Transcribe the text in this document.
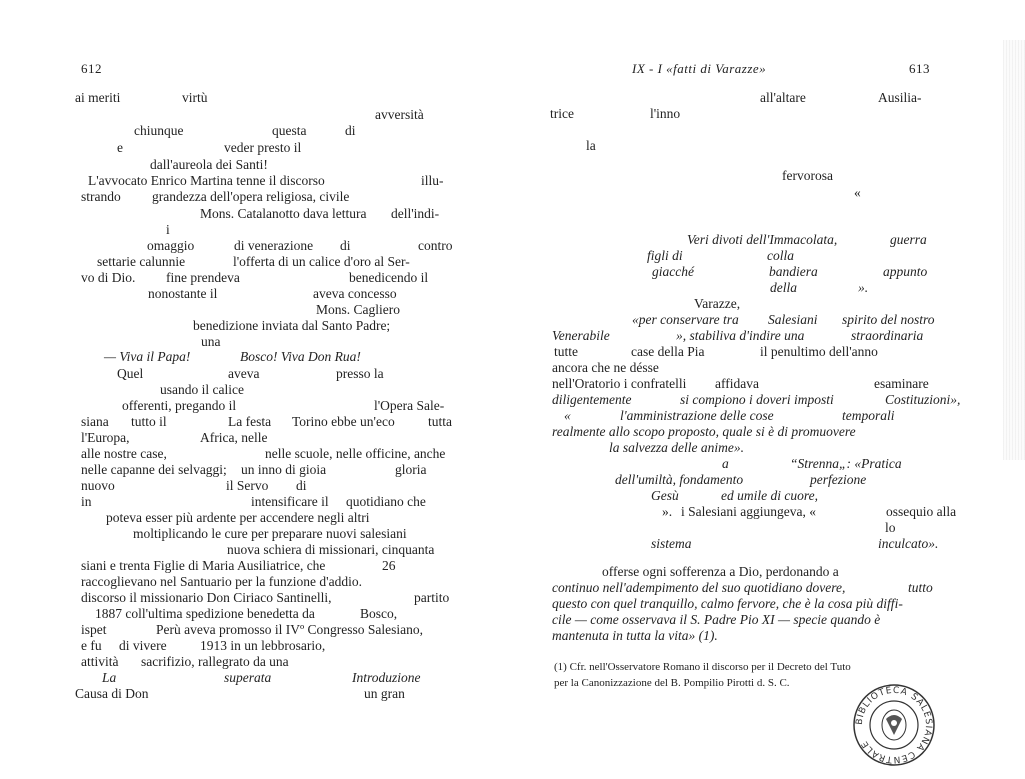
612
ai meriti	virtù
avversità
chiunque	questa	di
e	veder presto il
dall'aureola dei Santi!
L'avvocato Enrico Martina tenne il discorso	illu-
strando grandezza dell'opera religiosa, civile
Mons. Catalanotto dava lettura dell'indi-
i
omaggio	di venerazione di	contro
settarie calunnie	l'offerta di un calice d'oro al Ser-
vo di Dio. fine prendeva	benedicendo il
nonostante il	aveva concesso
Mons. Cagliero
benedizione inviata dal Santo Padre;
una
— Viva il Papa!	Bosco! Viva Don Rua!
Quel	aveva	presso la
usando il calice
offerenti, pregando il	l'Opera Sale-
siana tutto il	La festa Torino ebbe un'eco tutta
l'Europa,	Africa, nelle
alle nostre case,	nelle scuole, nelle officine, anche
nelle capanne dei selvaggi; un inno di gioia	gloria
nuovo	il Servo di
in	intensificare il quotidiano che
poteva esser più ardente per accendere negli altri
moltiplicando le cure per preparare nuovi salesiani
nuova schiera di missionari, cinquanta
siani e trenta Figlie di Maria Ausiliatrice, che	26
raccoglievano nel Santuario per la funzione d'addio.
discorso il missionario Don Ciriaco Santinelli,	partito
1887 coll'ultima spedizione benedetta da	Bosco,
ispet	Perù aveva promosso il IVº Congresso Salesiano,
e fu di vivere 1913 in un lebbrosario,
attività sacrifizio, rallegrato da una
La	superata	Introduzione
Causa di Don	un gran
IX - I «fatti di Varazze»	613
all'altare	Ausilia-
trice	l'inno
la
fervorosa
«
Veri divoti dell'Immacolata,	guerra
figli di	colla
giacché	bandiera	appunto
della	».
Varazze,
«per conservare tra Salesiani spirito del nostro
Venerabile	», stabiliva d'indire una	straordinaria
tutte	case della Pia	il penultimo dell'anno
ancora che ne désse
nell'Oratorio i confratelli affidava	esaminare
diligentemente	si compiono i doveri imposti	Costituzioni»,
«	l'amministrazione delle cose	temporali
realmente allo scopo proposto, quale si è di promuovere
la salvezza delle anime».
a	“Strenna„: «Pratica
dell'umiltà, fondamento	perfezione
Gesù	ed umile di cuore,
». i Salesiani aggiungeva, «	ossequio alla
lo
sistema	inculcato».
offerse ogni sofferenza a Dio, perdonando a
continuo nell'adempimento del suo quotidiano dovere,	tutto
questo con quel tranquillo, calmo fervore, che è la cosa più diffi-
cile — come osservava il S. Padre Pio XI — specie quando è
mantenuta in tutta la vita» (1).
(1) Cfr. nell'Osservatore Romano il discorso per il Decreto del Tuto
per la Canonizzazione del B. Pompilio Pirotti d. S. C.
BIBLIOTECA SALESIANA CENTRALE
